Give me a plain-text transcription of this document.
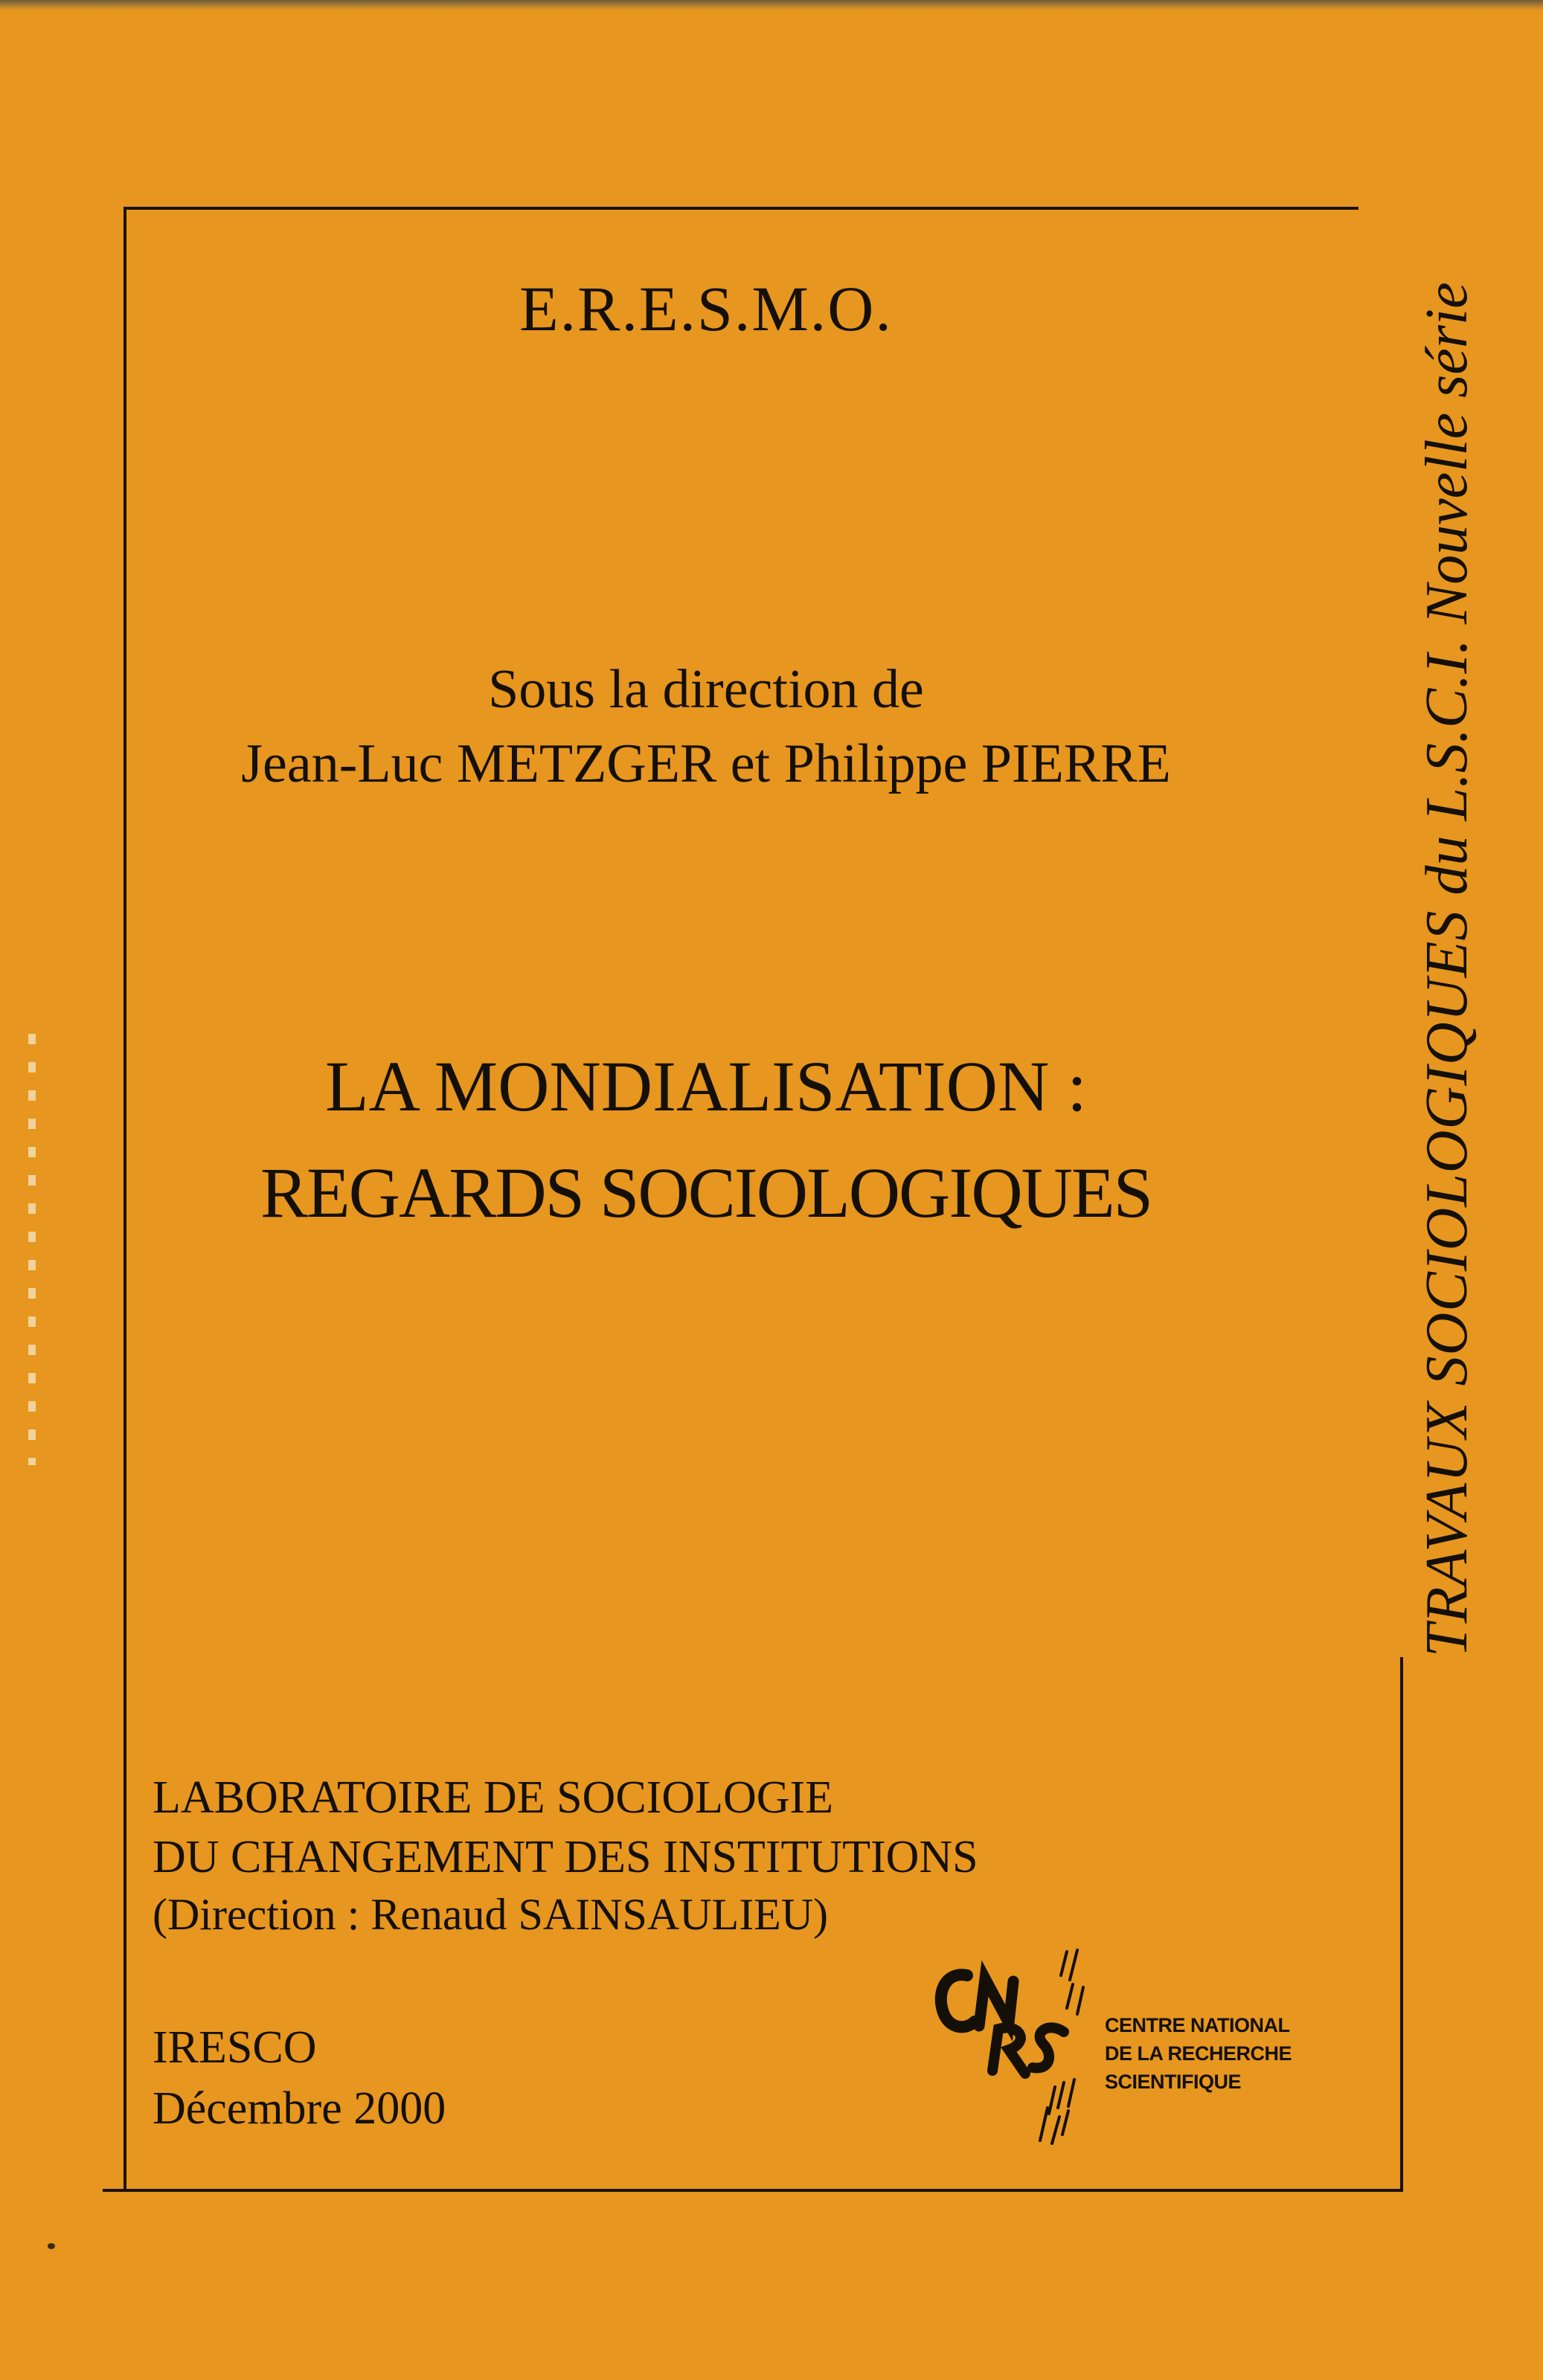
E.R.E.S.M.O.
Sous la direction de
Jean-Luc METZGER et Philippe PIERRE
LA MONDIALISATION :
REGARDS SOCIOLOGIQUES
LABORATOIRE DE SOCIOLOGIE
DU CHANGEMENT DES INSTITUTIONS
(Direction : Renaud SAINSAULIEU)
IRESCO
Décembre 2000
TRAVAUX SOCIOLOGIQUES du L.S.C.I. Nouvelle série
CENTRE NATIONAL
DE LA RECHERCHE
SCIENTIFIQUE
